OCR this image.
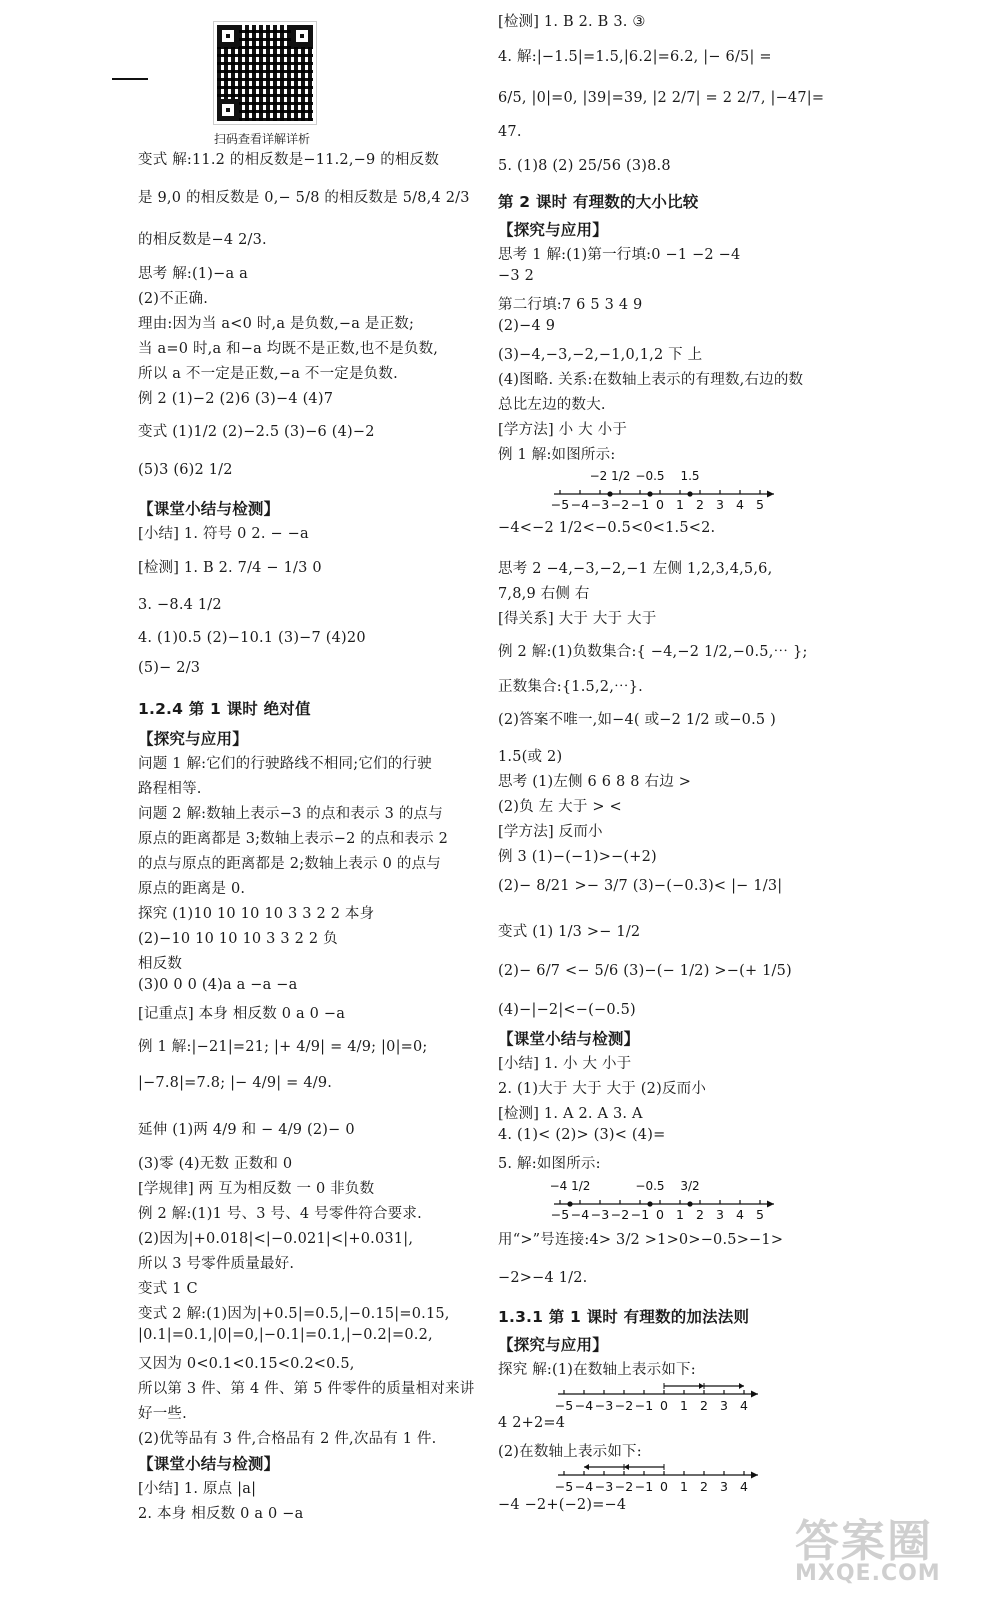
扫码查看详解详析
变式 解:11.2 的相反数是−11.2,−9 的相反数
是 9,0 的相反数是 0,− 5/8 的相反数是 5/8,4 2/3
的相反数是−4 2/3.
思考 解:(1)−a a
(2)不正确.
理由:因为当 a<0 时,a 是负数,−a 是正数;
当 a=0 时,a 和−a 均既不是正数,也不是负数,
所以 a 不一定是正数,−a 不一定是负数.
例 2 (1)−2 (2)6 (3)−4 (4)7
变式 (1)1/2 (2)−2.5 (3)−6 (4)−2
(5)3 (6)2 1/2
【课堂小结与检测】
[小结] 1. 符号 0 2. − −a
[检测] 1. B 2. 7/4 − 1/3 0
3. −8.4 1/2
4. (1)0.5 (2)−10.1 (3)−7 (4)20
(5)− 2/3
1.2.4 第 1 课时 绝对值
【探究与应用】
问题 1 解:它们的行驶路线不相同;它们的行驶
路程相等.
问题 2 解:数轴上表示−3 的点和表示 3 的点与
原点的距离都是 3;数轴上表示−2 的点和表示 2
的点与原点的距离都是 2;数轴上表示 0 的点与
原点的距离是 0.
探究 (1)10 10 10 10 3 3 2 2 本身
(2)−10 10 10 10 3 3 2 2 负
相反数
(3)0 0 0 (4)a a −a −a
[记重点] 本身 相反数 0 a 0 −a
例 1 解:|−21|=21; |+ 4/9| = 4/9; |0|=0;
|−7.8|=7.8; |− 4/9| = 4/9.
延伸 (1)两 4/9 和 − 4/9 (2)− 0
(3)零 (4)无数 正数和 0
[学规律] 两 互为相反数 一 0 非负数
例 2 解:(1)1 号、3 号、4 号零件符合要求.
(2)因为|+0.018|<|−0.021|<|+0.031|,
所以 3 号零件质量最好.
变式 1 C
变式 2 解:(1)因为|+0.5|=0.5,|−0.15|=0.15,
|0.1|=0.1,|0|=0,|−0.1|=0.1,|−0.2|=0.2,
又因为 0<0.1<0.15<0.2<0.5,
所以第 3 件、第 4 件、第 5 件零件的质量相对来讲
好一些.
(2)优等品有 3 件,合格品有 2 件,次品有 1 件.
【课堂小结与检测】
[小结] 1. 原点 |a|
2. 本身 相反数 0 a 0 −a
[检测] 1. B 2. B 3. ③
4. 解:|−1.5|=1.5,|6.2|=6.2, |− 6/5| =
6/5, |0|=0, |39|=39, |2 2/7| = 2 2/7, |−47|=
47.
5. (1)8 (2) 25/56 (3)8.8
第 2 课时 有理数的大小比较
【探究与应用】
思考 1 解:(1)第一行填:0 −1 −2 −4
−3 2
第二行填:7 6 5 3 4 9
(2)−4 9
(3)−4,−3,−2,−1,0,1,2 下 上
(4)图略. 关系:在数轴上表示的有理数,右边的数
总比左边的数大.
[学方法] 小 大 小于
例 1 解:如图所示:
−4<−2 1/2<−0.5<0<1.5<2.
思考 2 −4,−3,−2,−1 左侧 1,2,3,4,5,6,
7,8,9 右侧 右
[得关系] 大于 大于 大于
例 2 解:(1)负数集合:{ −4,−2 1/2,−0.5,⋯ };
正数集合:{1.5,2,⋯}.
(2)答案不唯一,如−4( 或−2 1/2 或−0.5 )
1.5(或 2)
思考 (1)左侧 6 6 8 8 右边 >
(2)负 左 大于 > <
[学方法] 反而小
例 3 (1)−(−1)>−(+2)
(2)− 8/21 >− 3/7 (3)−(−0.3)< |− 1/3|
变式 (1) 1/3 >− 1/2
(2)− 6/7 <− 5/6 (3)−(− 1/2) >−(+ 1/5)
(4)−|−2|<−(−0.5)
【课堂小结与检测】
[小结] 1. 小 大 小于
2. (1)大于 大于 大于 (2)反而小
[检测] 1. A 2. A 3. A
4. (1)< (2)> (3)< (4)=
5. 解:如图所示:
用“>”号连接:4> 3/2 >1>0>−0.5>−1>
−2>−4 1/2.
1.3.1 第 1 课时 有理数的加法法则
【探究与应用】
探究 解:(1)在数轴上表示如下:
4 2+2=4
(2)在数轴上表示如下:
−4 −2+(−2)=−4
−5 −4 −3 −2 −1 0 1 2 3 4 5
−2 1/2 −0.5 1.5
−5 −4 −3 −2 −1 0 1 2 3 4 5
−4 1/2	−0.5 3/2
−5 −4 −3 −2 −1 0 1 2 3 4
−5 −4 −3 −2 −1 0 1 2 3 4
答案圈
MXQE.COM
